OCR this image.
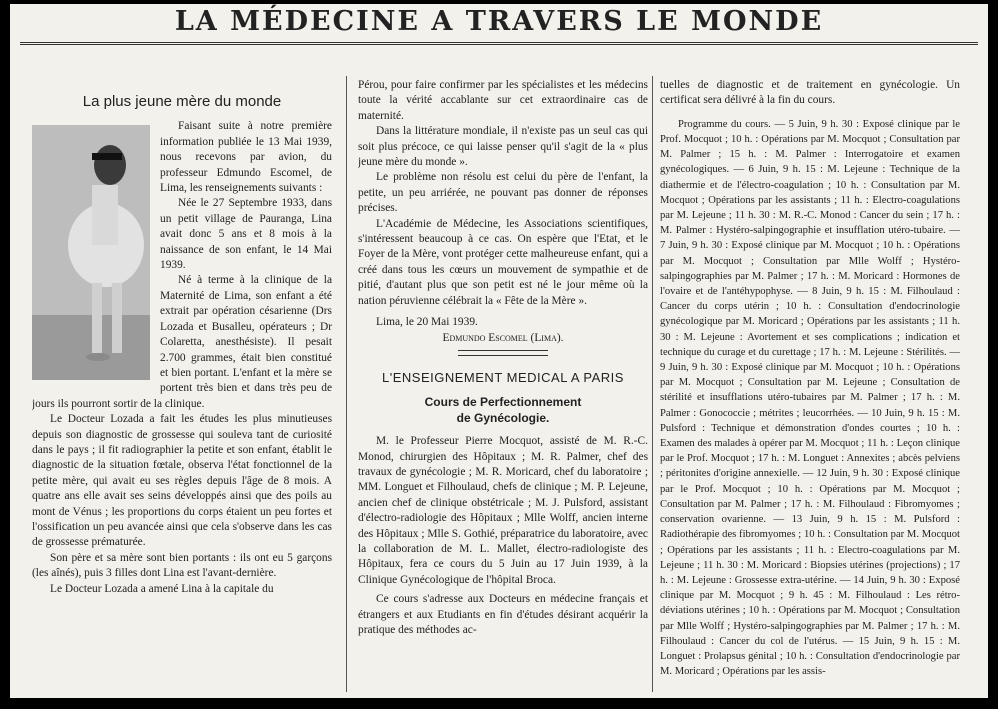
LA MÉDECINE A TRAVERS LE MONDE
La plus jeune mère du monde

Faisant suite à notre première information publiée le 13 Mai 1939, nous recevons par avion, du professeur Edmundo Escomel, de Lima, les renseignements suivants :

Née le 27 Septembre 1933, dans un petit village de Pauranga, Lina avait donc 5 ans et 8 mois à la naissance de son enfant, le 14 Mai 1939.

Né à terme à la clinique de la Maternité de Lima, son enfant a été extrait par opération césarienne (Drs Lozada et Busalleu, opérateurs ; Dr Colaretta, anesthésiste). Il pesait 2.700 grammes, était bien constitué et bien portant. L'enfant et la mère se portent très bien et dans très peu de jours ils pourront sortir de la clinique.

Le Docteur Lozada a fait les études les plus minutieuses depuis son diagnostic de grossesse qui souleva tant de curiosité dans le pays ; il fit radiographier la petite et son enfant, établit le diagnostic de la situation fœtale, observa l'état fonctionnel de la petite mère, qui avait eu ses règles depuis l'âge de 8 mois. A quatre ans elle avait ses seins développés ainsi que des poils au mont de Vénus ; les proportions du corps étaient un peu fortes et l'ossification un peu avancée ainsi que cela s'observe dans les cas de grossesse prématurée.

Son père et sa mère sont bien portants : ils ont eu 5 garçons (les aînés), puis 3 filles dont Lina est l'avant-dernière.

Le Docteur Lozada a amené Lina à la capitale du

Pérou, pour faire confirmer par les spécialistes et les médecins toute la vérité accablante sur cet extraordinaire cas de maternité.

Dans la littérature mondiale, il n'existe pas un seul cas qui soit plus précoce, ce qui laisse penser qu'il s'agit de la « plus jeune mère du monde ».

Le problème non résolu est celui du père de l'enfant, la petite, un peu arriérée, ne pouvant pas donner de réponses précises.

L'Académie de Médecine, les Associations scientifiques, s'intéressent beaucoup à ce cas. On espère que l'Etat, et le Foyer de la Mère, vont protéger cette malheureuse enfant, qui a créé dans tous les cœurs un mouvement de sympathie et de pitié, d'autant plus que son petit est né le jour même où la nation péruvienne célébrait la « Fête de la Mère ».

Lima, le 20 Mai 1939.

Edmundo Escomel (Lima).

L'ENSEIGNEMENT MEDICAL A PARIS
Cours de Perfectionnement
de Gynécologie.

M. le Professeur Pierre Mocquot, assisté de M. R.-C. Monod, chirurgien des Hôpitaux ; M. R. Palmer, chef des travaux de gynécologie ; M. R. Moricard, chef du laboratoire ; MM. Longuet et Filhoulaud, chefs de clinique ; M. P. Lejeune, ancien chef de clinique obstétricale ; M. J. Pulsford, assistant d'électro-radiologie des Hôpitaux ; Mlle Wolff, ancien interne des Hôpitaux ; Mlle S. Gothié, préparatrice du laboratoire, avec la collaboration de M. L. Mallet, électro-radiologiste des Hôpitaux, fera ce cours du 5 Juin au 17 Juin 1939, à la Clinique Gynécologique de l'hôpital Broca.

Ce cours s'adresse aux Docteurs en médecine français et étrangers et aux Etudiants en fin d'études désirant acquérir la pratique des méthodes ac-

tuelles de diagnostic et de traitement en gynécologie. Un certificat sera délivré à la fin du cours.

Programme du cours. — 5 Juin, 9 h. 30 : Exposé clinique par le Prof. Mocquot ; 10 h. : Opérations par M. Mocquot ; Consultation par M. Palmer ; 15 h. : M. Palmer : Interrogatoire et examen gynécologiques. — 6 Juin, 9 h. 15 : M. Lejeune : Technique de la diathermie et de l'électro-coagulation ; 10 h. : Consultation par M. Mocquot ; Opérations par les assistants ; 11 h. : Electro-coagulations par M. Lejeune ; 11 h. 30 : M. R.-C. Monod : Cancer du sein ; 17 h. : M. Palmer : Hystéro-salpingographie et insufflation utéro-tubaire. — 7 Juin, 9 h. 30 : Exposé clinique par M. Mocquot ; 10 h. : Opérations par M. Mocquot ; Consultation par Mlle Wolff ; Hystéro-salpingographies par M. Palmer ; 17 h. : M. Moricard : Hormones de l'ovaire et de l'antéhypophyse. — 8 Juin, 9 h. 15 : M. Filhoulaud : Cancer du corps utérin ; 10 h. : Consultation d'endocrinologie gynécologique par M. Moricard ; Opérations par les assistants ; 11 h. 30 : M. Lejeune : Avortement et ses complications ; indication et technique du curage et du curettage ; 17 h. : M. Lejeune : Stérilités. — 9 Juin, 9 h. 30 : Exposé clinique par M. Mocquot ; 10 h. : Opérations par M. Mocquot ; Consultation par M. Lejeune ; Consultation de stérilité et insufflations utéro-tubaires par M. Palmer ; 17 h. : M. Palmer : Gonococcie ; métrites ; leucorrhées. — 10 Juin, 9 h. 15 : M. Pulsford : Technique et démonstration d'ondes courtes ; 10 h. : Examen des malades à opérer par M. Mocquot ; 11 h. : Leçon clinique par le Prof. Mocquot ; 17 h. : M. Longuet : Annexites ; abcès pelviens ; péritonites d'origine annexielle. — 12 Juin, 9 h. 30 : Exposé clinique par le Prof. Mocquot ; 10 h. : Opérations par M. Mocquot ; Consultation par M. Palmer ; 17 h. : M. Filhoulaud : Fibromyomes ; conservation ovarienne. — 13 Juin, 9 h. 15 : M. Pulsford : Radiothérapie des fibromyomes ; 10 h. : Consultation par M. Mocquot ; Opérations par les assistants ; 11 h. : Electro-coagulations par M. Lejeune ; 11 h. 30 : M. Moricard : Biopsies utérines (projections) ; 17 h. : M. Lejeune : Grossesse extra-utérine. — 14 Juin, 9 h. 30 : Exposé clinique par M. Mocquot ; 9 h. 45 : M. Filhoulaud : Les rétro-déviations utérines ; 10 h. : Opérations par M. Mocquot ; Consultation par Mlle Wolff ; Hystéro-salpingographies par M. Palmer ; 17 h. : M. Filhoulaud : Cancer du col de l'utérus. — 15 Juin, 9 h. 15 : M. Longuet : Prolapsus génital ; 10 h. : Consultation d'endocrinologie par M. Moricard ; Opérations par les assis-
